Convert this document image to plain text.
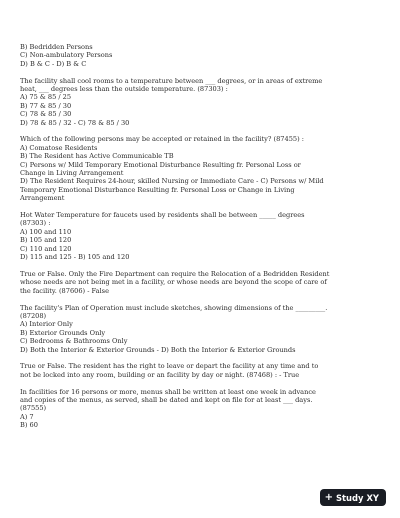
B) Bedridden Persons
C) Non-ambulatory Persons
D) B & C - D) B & C
The facility shall cool rooms to a temperature between ___ degrees, or in areas of extreme
heat, ___ degrees less than the outside temperature. (87303) :
A) 75 & 85 / 25
B) 77 & 85 / 30
C) 78 & 85 / 30
D) 78 & 85 / 32 - C) 78 & 85 / 30
Which of the following persons may be accepted or retained in the facility? (87455) :
A) Comatose Residents
B) The Resident has Active Communicable TB
C) Persons w/ Mild Temporary Emotional Disturbance Resulting fr. Personal Loss or
Change in Living Arrangement
D) The Resident Requires 24-hour, skilled Nursing or Immediate Care - C) Persons w/ Mild
Temporary Emotional Disturbance Resulting fr. Personal Loss or Change in Living
Arrangement
Hot Water Temperature for faucets used by residents shall be between _____ degrees
(87303) :
A) 100 and 110
B) 105 and 120
C) 110 and 120
D) 115 and 125 - B) 105 and 120
True or False. Only the Fire Department can require the Relocation of a Bedridden Resident
whose needs are not being met in a facility, or whose needs are beyond the scope of care of
the facility. (87606) - False
The facility's Plan of Operation must include sketches, showing dimensions of the _________.
(87208)
A) Interior Only
B) Exterior Grounds Only
C) Bedrooms & Bathrooms Only
D) Both the Interior & Exterior Grounds - D) Both the Interior & Exterior Grounds
True or False. The resident has the right to leave or depart the facility at any time and to
not be locked into any room, building or an facility by day or night. (87468) : - True
In facilities for 16 persons or more, menus shall be written at least one week in advance
and copies of the menus, as served, shall be dated and kept on file for at least ___ days.
(87555)
A) 7
B) 60
+ Study XY
